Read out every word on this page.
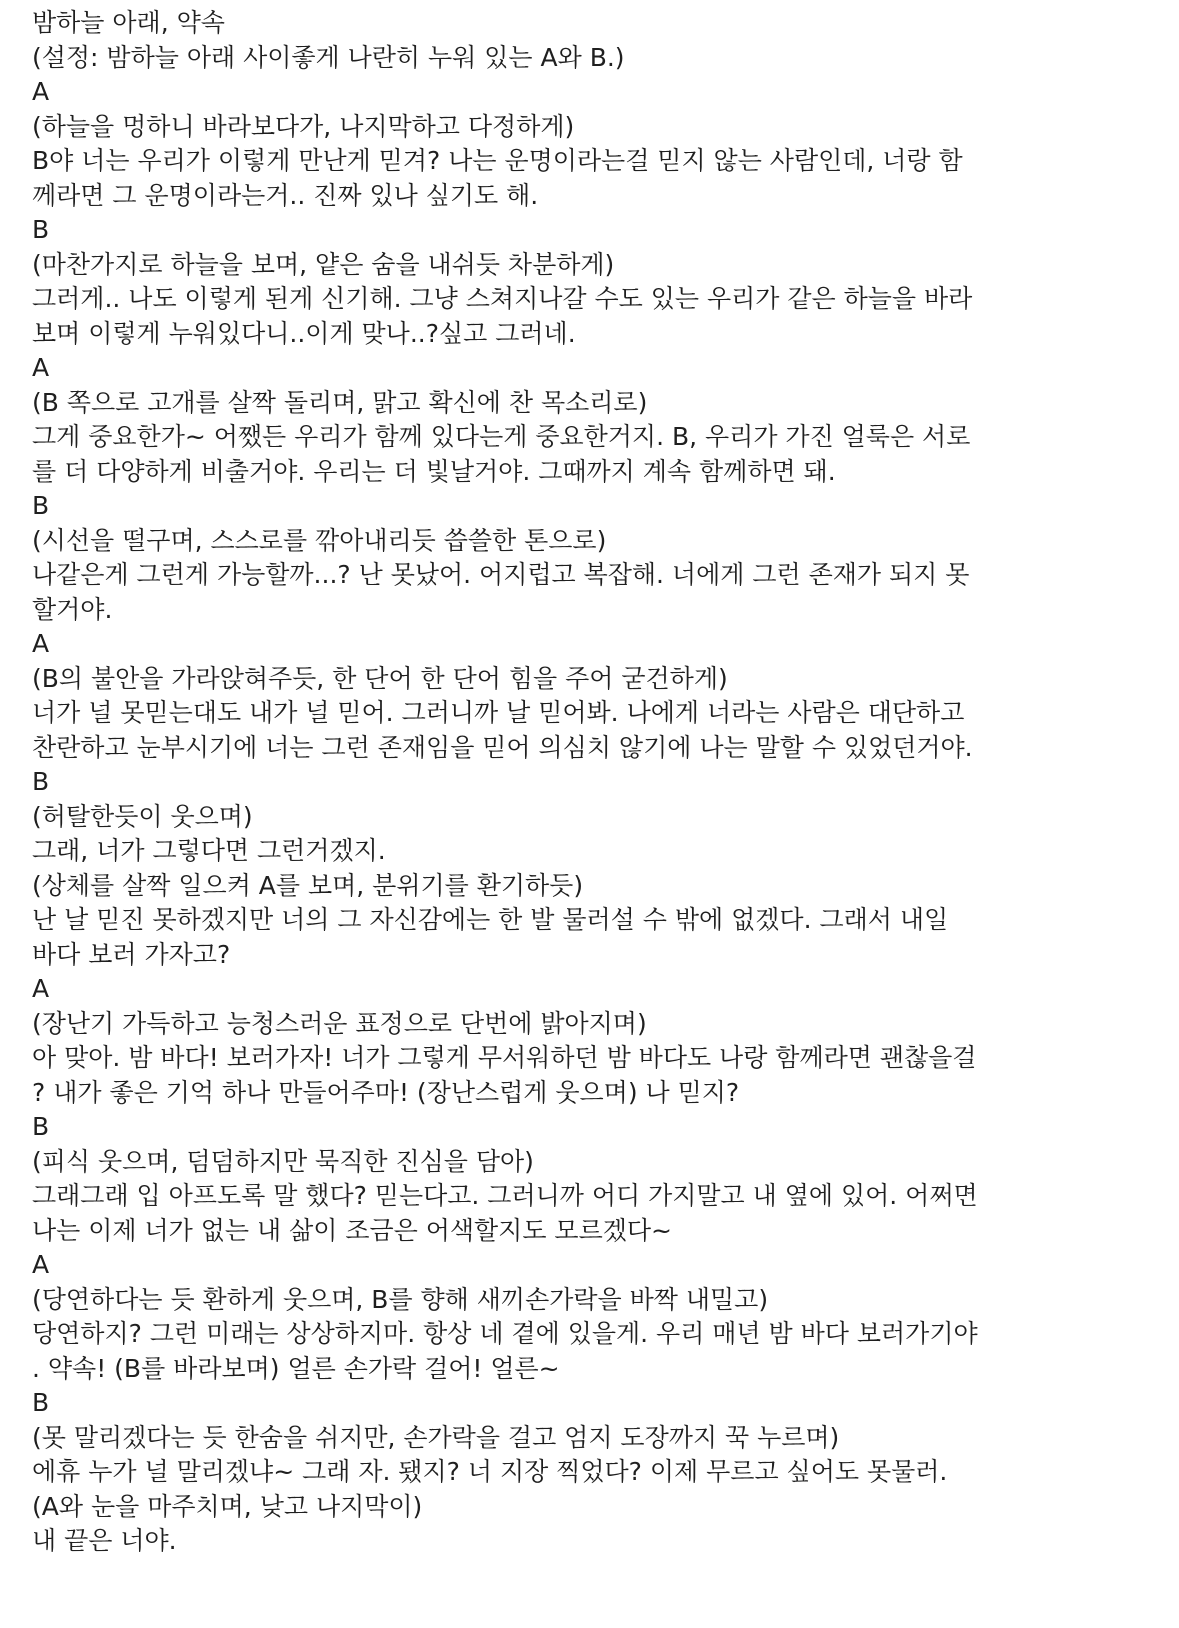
밤하늘 아래, 약속
(설정: 밤하늘 아래 사이좋게 나란히 누워 있는 A와 B.)
A
(하늘을 멍하니 바라보다가, 나지막하고 다정하게)
B야 너는 우리가 이렇게 만난게 믿겨? 나는 운명이라는걸 믿지 않는 사람인데, 너랑 함
께라면 그 운명이라는거.. 진짜 있나 싶기도 해.
B
(마찬가지로 하늘을 보며, 얕은 숨을 내쉬듯 차분하게)
그러게.. 나도 이렇게 된게 신기해. 그냥 스쳐지나갈 수도 있는 우리가 같은 하늘을 바라
보며 이렇게 누워있다니..이게 맞나..?싶고 그러네.
A
(B 쪽으로 고개를 살짝 돌리며, 맑고 확신에 찬 목소리로)
그게 중요한가~ 어쨌든 우리가 함께 있다는게 중요한거지. B, 우리가 가진 얼룩은 서로
를 더 다양하게 비출거야. 우리는 더 빛날거야. 그때까지 계속 함께하면 돼.
B
(시선을 떨구며, 스스로를 깎아내리듯 씁쓸한 톤으로)
나같은게 그런게 가능할까...? 난 못났어. 어지럽고 복잡해. 너에게 그런 존재가 되지 못
할거야.
A
(B의 불안을 가라앉혀주듯, 한 단어 한 단어 힘을 주어 굳건하게)
너가 널 못믿는대도 내가 널 믿어. 그러니까 날 믿어봐. 나에게 너라는 사람은 대단하고
찬란하고 눈부시기에 너는 그런 존재임을 믿어 의심치 않기에 나는 말할 수 있었던거야.
B
(허탈한듯이 웃으며)
그래, 너가 그렇다면 그런거겠지.
(상체를 살짝 일으켜 A를 보며, 분위기를 환기하듯)
난 날 믿진 못하겠지만 너의 그 자신감에는 한 발 물러설 수 밖에 없겠다. 그래서 내일
바다 보러 가자고?
A
(장난기 가득하고 능청스러운 표정으로 단번에 밝아지며)
아 맞아. 밤 바다! 보러가자! 너가 그렇게 무서워하던 밤 바다도 나랑 함께라면 괜찮을걸
? 내가 좋은 기억 하나 만들어주마! (장난스럽게 웃으며) 나 믿지?
B
(피식 웃으며, 덤덤하지만 묵직한 진심을 담아)
그래그래 입 아프도록 말 했다? 믿는다고. 그러니까 어디 가지말고 내 옆에 있어. 어쩌면
나는 이제 너가 없는 내 삶이 조금은 어색할지도 모르겠다~
A
(당연하다는 듯 환하게 웃으며, B를 향해 새끼손가락을 바짝 내밀고)
당연하지? 그런 미래는 상상하지마. 항상 네 곁에 있을게. 우리 매년 밤 바다 보러가기야
. 약속! (B를 바라보며) 얼른 손가락 걸어! 얼른~
B
(못 말리겠다는 듯 한숨을 쉬지만, 손가락을 걸고 엄지 도장까지 꾹 누르며)
에휴 누가 널 말리겠냐~ 그래 자. 됐지? 너 지장 찍었다? 이제 무르고 싶어도 못물러.
(A와 눈을 마주치며, 낮고 나지막이)
내 끝은 너야.
